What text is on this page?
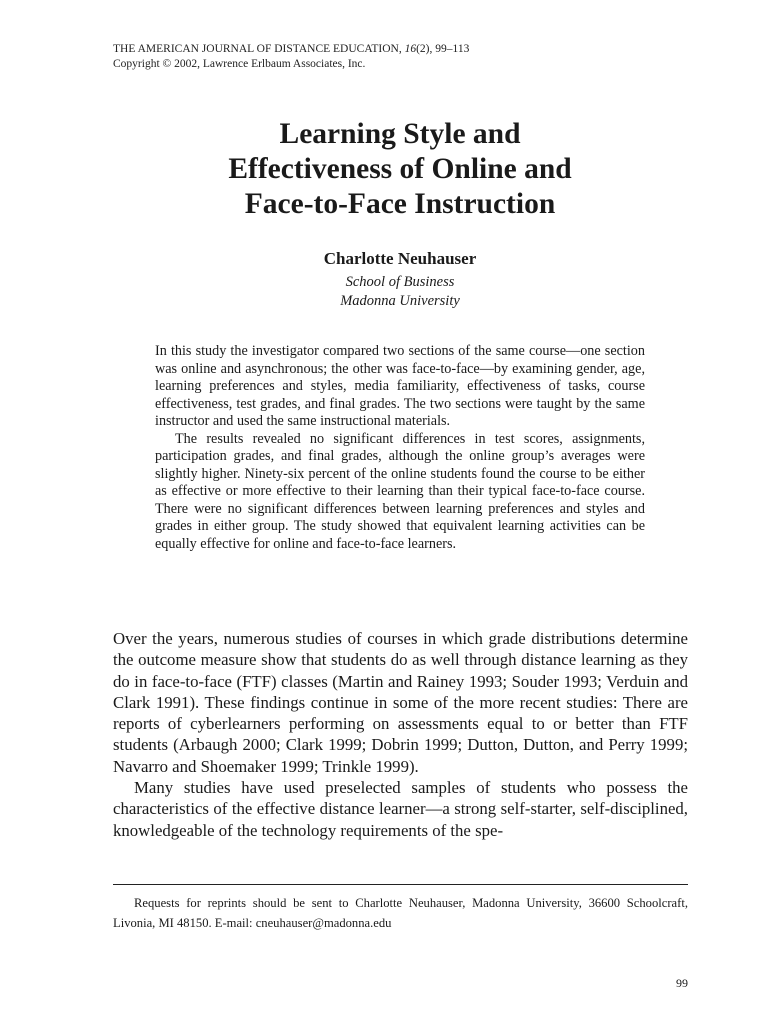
THE AMERICAN JOURNAL OF DISTANCE EDUCATION, 16(2), 99–113
Copyright © 2002, Lawrence Erlbaum Associates, Inc.
Learning Style and
Effectiveness of Online and
Face-to-Face Instruction
Charlotte Neuhauser
School of Business
Madonna University

In this study the investigator compared two sections of the same course—one section was online and asynchronous; the other was face-to-face—by examining gender, age, learning preferences and styles, media familiarity, effectiveness of tasks, course effectiveness, test grades, and final grades. The two sections were taught by the same instructor and used the same instructional materials.

The results revealed no significant differences in test scores, assignments, participation grades, and final grades, although the online group’s averages were slightly higher. Ninety-six percent of the online students found the course to be either as effective or more effective to their learning than their typical face-to-face course. There were no significant differences between learning preferences and styles and grades in either group. The study showed that equivalent learning activities can be equally effective for online and face-to-face learners.

Over the years, numerous studies of courses in which grade distributions determine the outcome measure show that students do as well through distance learning as they do in face-to-face (FTF) classes (Martin and Rainey 1993; Souder 1993; Verduin and Clark 1991). These findings continue in some of the more recent studies: There are reports of cyberlearners performing on assessments equal to or better than FTF students (Arbaugh 2000; Clark 1999; Dobrin 1999; Dutton, Dutton, and Perry 1999; Navarro and Shoemaker 1999; Trinkle 1999).

Many studies have used preselected samples of students who possess the characteristics of the effective distance learner—a strong self-starter, self-disciplined, knowledgeable of the technology requirements of the spe-

Requests for reprints should be sent to Charlotte Neuhauser, Madonna University, 36600 Schoolcraft, Livonia, MI 48150. E-mail: cneuhauser@madonna.edu

99
